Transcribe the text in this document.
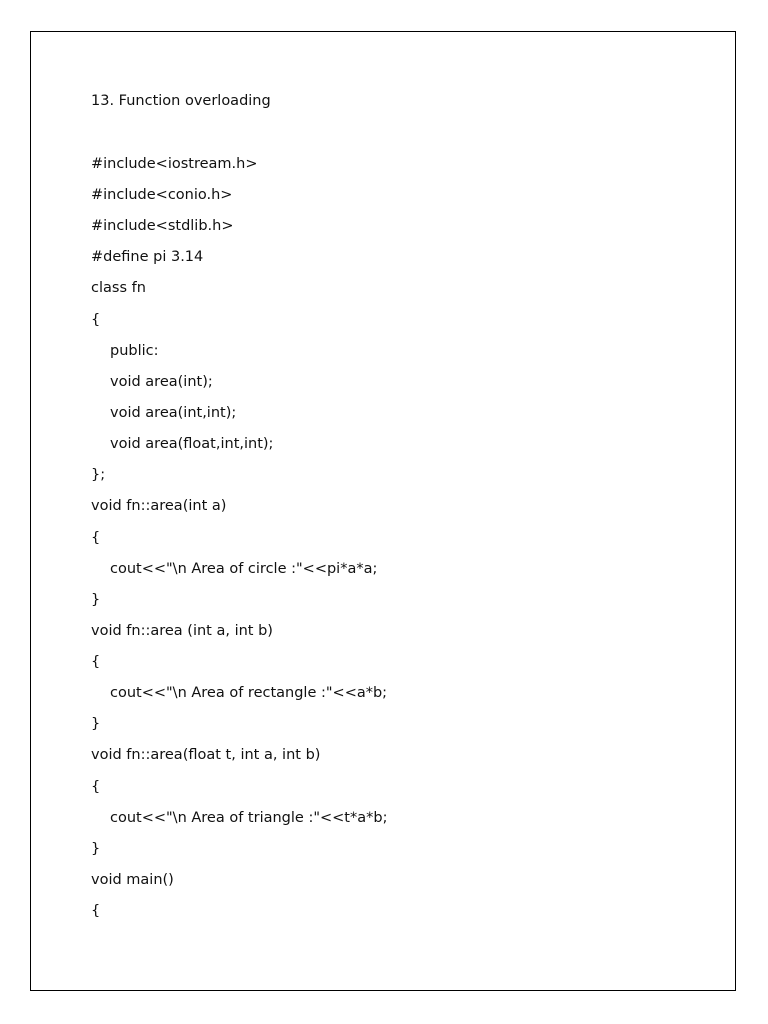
13. Function overloading

#include<iostream.h>

#include<conio.h>

#include<stdlib.h>

#define pi 3.14

class fn

{

public:

void area(int);

void area(int,int);

void area(float,int,int);

};

void fn::area(int a)

{

cout<<"\n Area of circle :"<<pi*a*a;

}

void fn::area (int a, int b)

{

cout<<"\n Area of rectangle :"<<a*b;

}

void fn::area(float t, int a, int b)

{

cout<<"\n Area of triangle :"<<t*a*b;

}

void main()

{
